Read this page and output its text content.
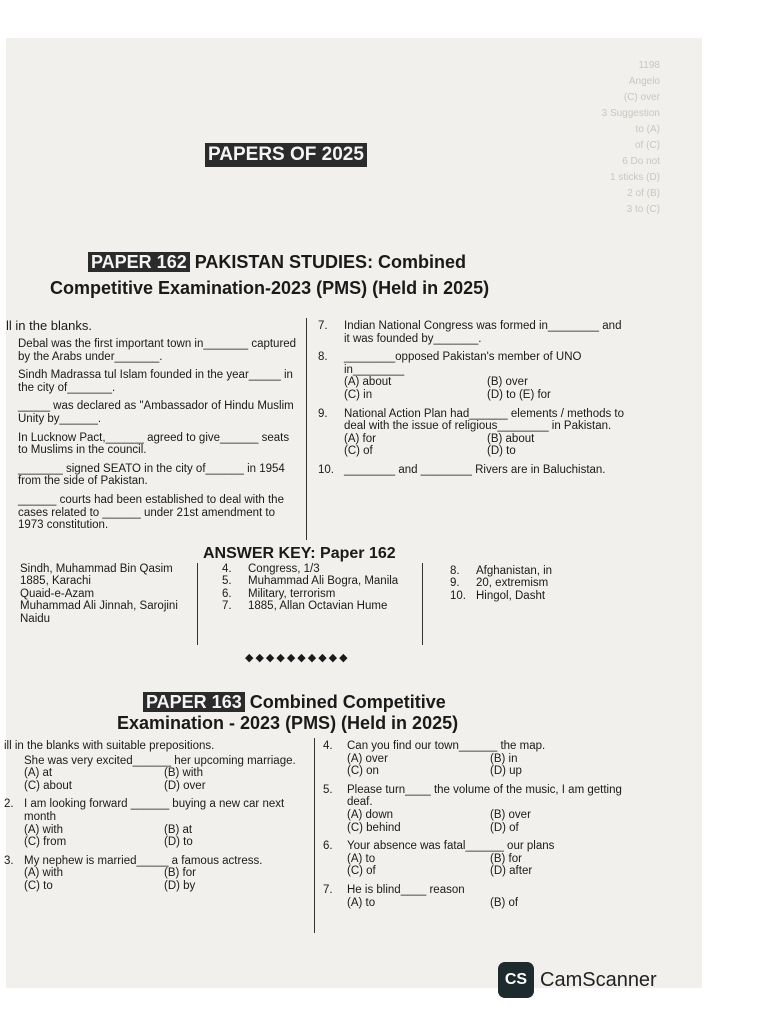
1198
Angelo
(C) over
3 Suggestion
to (A)
of (C)
6 Do not
1 sticks (D)
2 of (B)
3 to (C)
PAPERS OF 2025
PAPER 162 PAKISTAN STUDIES: Combined
Competitive Examination-2023 (PMS) (Held in 2025)
ll in the blanks.
Debal was the first important town in_______ captured by the Arabs under_______.
Sindh Madrassa tul Islam founded in the year_____ in the city of_______.
_____ was declared as "Ambassador of Hindu Muslim Unity by______.
In Lucknow Pact,______ agreed to give______ seats to Muslims in the council.
_______ signed SEATO in the city of______ in 1954 from the side of Pakistan.
______ courts had been established to deal with the cases related to ______ under 21st amendment to 1973 constitution.
7.	Indian National Congress was formed in________ and it was founded by_______.
8.	________opposed Pakistan's member of UNO in________
(A) about	(B) over
(C) in	(D) to (E) for
9.	National Action Plan had______ elements / methods to deal with the issue of religious________ in Pakistan.
(A) for	(B) about
(C) of	(D) to
10. ________ and ________ Rivers are in Baluchistan.
ANSWER KEY: Paper 162
Sindh, Muhammad Bin Qasim
1885, Karachi
Quaid-e-Azam
Muhammad Ali Jinnah, Sarojini Naidu
4.	Congress, 1/3
5.	Muhammad Ali Bogra, Manila
6.	Military, terrorism
7.	1885, Allan Octavian Hume
8.	Afghanistan, in
9.	20, extremism
10. Hingol, Dasht
◆◆◆◆◆◆◆◆◆◆
PAPER 163 Combined Competitive
Examination - 2023 (PMS) (Held in 2025)
ill in the blanks with suitable prepositions.
She was very excited______ her upcoming marriage.
(A) at	(B) with
(C) about	(D) over
2. I am looking forward ______ buying a new car next month
(A) with	(B) at
(C) from	(D) to
3. My nephew is married_____ a famous actress.
(A) with	(B) for
(C) to	(D) by
4.	Can you find our town______ the map.
(A) over	(B) in
(C) on	(D) up
5.	Please turn____ the volume of the music, I am getting deaf.
(A) down	(B) over
(C) behind	(D) of
6.	Your absence was fatal______ our plans
(A) to	(B) for
(C) of	(D) after
7.	He is blind____ reason
(A) to	(B) of
CS CamScanner
